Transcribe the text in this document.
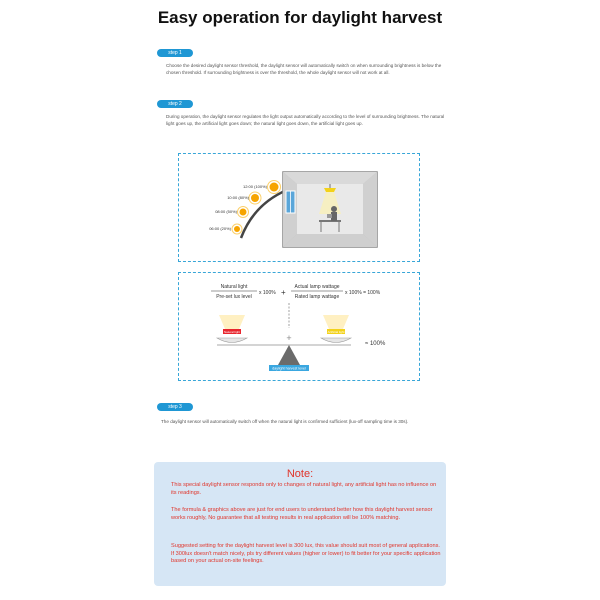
Easy operation for daylight harvest
step 1
Choose the desired daylight sensor threshold, the daylight sensor will automatically switch on when surrounding brightness is below the chosen threshold. If surrounding brightness is over the threshold, the whole daylight sensor will not work at all.
step 2
During operation, the daylight sensor regulates the light output automatically according to the level of surrounding brightness. The natural light goes up, the artificial light goes down; the natural light goes down, the artificial light goes up.
12:00 (100%)
10:00 (80%)
08:00 (50%)
06:00 (20%)
Natural light
Pre-set lux level
x 100% +
Actual lamp wattage
Rated lamp wattage
x 100% = 100%
+
Natural light	Artificial light
≈ 100%
daylight harvest level
step 3
The daylight sensor will automatically switch off when the natural light is confirmed sufficient (lux-off sampling time is 30s).
Note:
This special daylight sensor responds only to changes of natural light, any artificial light has no influence on its readings.
The formula & graphics above are just for end users to understand better how this daylight harvest sensor works roughly, No guarantee that all testing results in real application will be 100% matching.
Suggested setting for the daylight harvest level is 300 lux, this value should suit most of general applications. If 300lux doesn't match nicely, pls try different values (higher or lower) to fit better for your specific application based on your actual on-site feelings.
